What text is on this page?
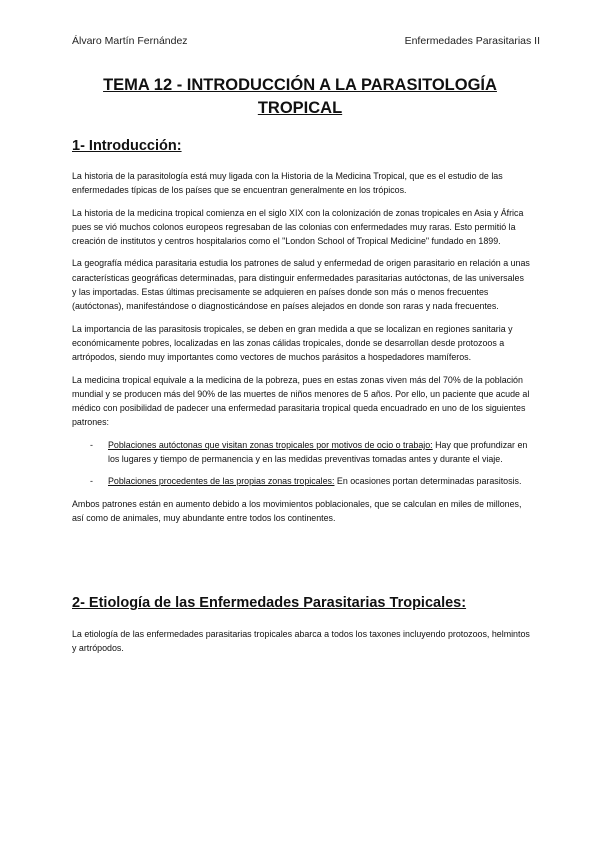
Álvaro Martín Fernández	Enfermedades Parasitarias II
TEMA 12 - INTRODUCCIÓN A LA PARASITOLOGÍA TROPICAL
1- Introducción:

La historia de la parasitología está muy ligada con la Historia de la Medicina Tropical, que es el estudio de las enfermedades típicas de los países que se encuentran generalmente en los trópicos.

La historia de la medicina tropical comienza en el siglo XIX con la colonización de zonas tropicales en Asia y África pues se vió muchos colonos europeos regresaban de las colonias con enfermedades muy raras. Esto permitió la creación de institutos y centros hospitalarios como el "London School of Tropical Medicine" fundado en 1899.

La geografía médica parasitaria estudia los patrones de salud y enfermedad de origen parasitario en relación a unas características geográficas determinadas, para distinguir enfermedades parasitarias autóctonas, de las universales y las importadas. Estas últimas precisamente se adquieren en países donde son más o menos frecuentes (autóctonas), manifestándose o diagnosticándose en países alejados en donde son raras y nada frecuentes.

La importancia de las parasitosis tropicales, se deben en gran medida a que se localizan en regiones sanitaria y económicamente pobres, localizadas en las zonas cálidas tropicales, donde se desarrollan desde protozoos a artrópodos, siendo muy importantes como vectores de muchos parásitos a hospedadores mamíferos.

La medicina tropical equivale a la medicina de la pobreza, pues en estas zonas viven más del 70% de la población mundial y se producen más del 90% de las muertes de niños menores de 5 años. Por ello, un paciente que acude al médico con posibilidad de padecer una enfermedad parasitaria tropical queda encuadrado en uno de los siguientes patrones:

- Poblaciones autóctonas que visitan zonas tropicales por motivos de ocio o trabajo: Hay que profundizar en los lugares y tiempo de permanencia y en las medidas preventivas tomadas antes y durante el viaje.
- Poblaciones procedentes de las propias zonas tropicales: En ocasiones portan determinadas parasitosis.

Ambos patrones están en aumento debido a los movimientos poblacionales, que se calculan en miles de millones, así como de animales, muy abundante entre todos los continentes.

2- Etiología de las Enfermedades Parasitarias Tropicales:

La etiología de las enfermedades parasitarias tropicales abarca a todos los taxones incluyendo protozoos, helmintos y artrópodos.
